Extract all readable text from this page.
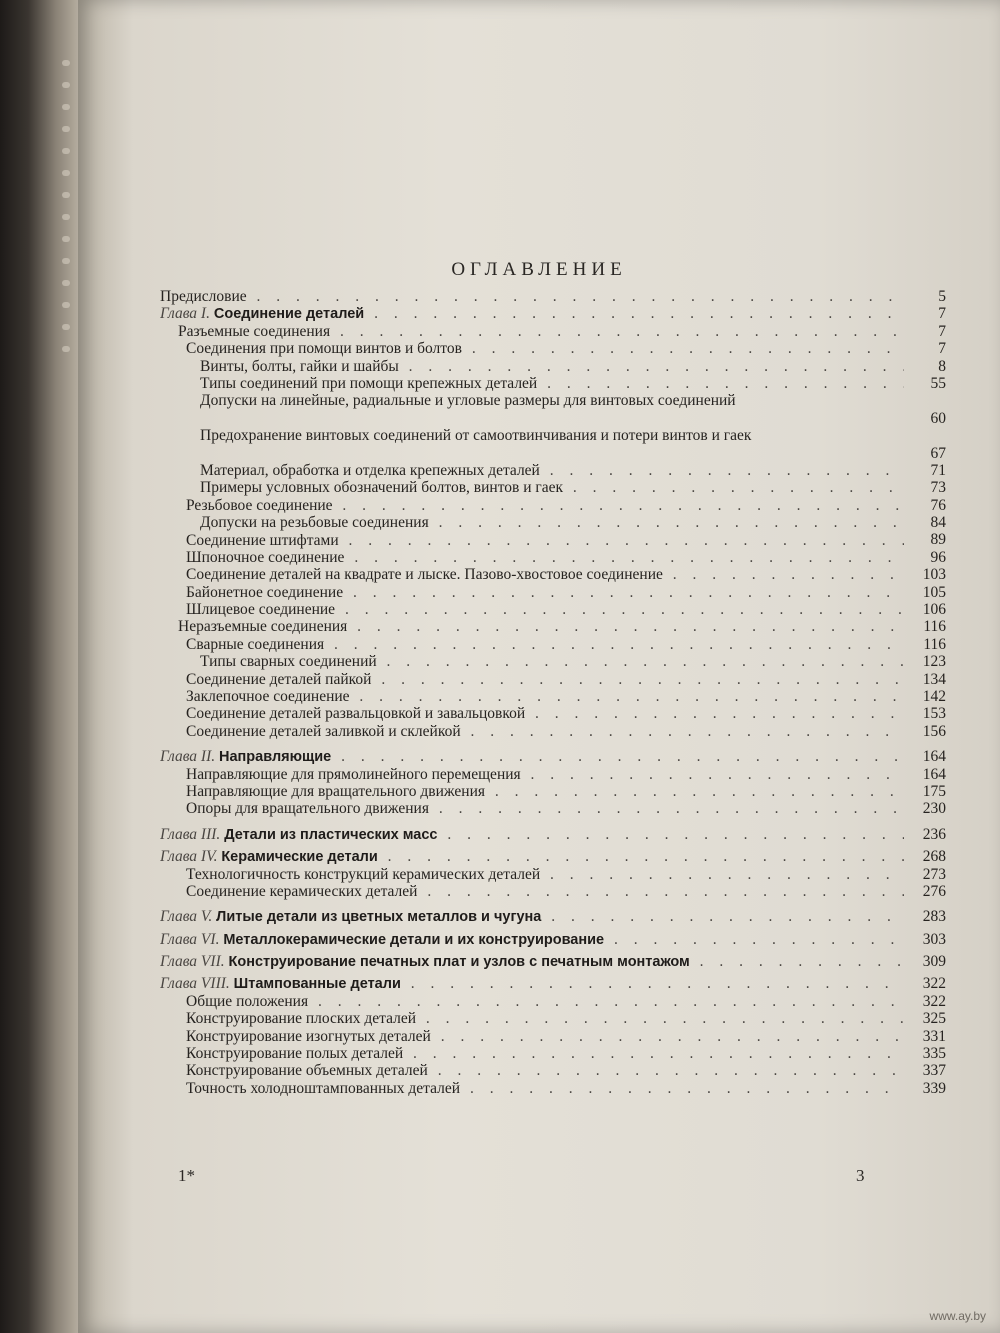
ОГЛАВЛЕНИЕ
Предисловие . . .	5
Глава I. Соединение деталей . . .	7
Разъемные соединения . . .	7
Соединения при помощи винтов и болтов . . .	7
Винты, болты, гайки и шайбы . . .	8
Типы соединений при помощи крепежных деталей . . .	55
Допуски на линейные, радиальные и угловые размеры для винтовых соединений
60
Предохранение винтовых соединений от самоотвинчивания и потери винтов и гаек
67
Материал, обработка и отделка крепежных деталей . . .	71
Примеры условных обозначений болтов, винтов и гаек . . .	73
Резьбовое соединение . . .	76
Допуски на резьбовые соединения . . .	84
Соединение штифтами . . .	89
Шпоночное соединение . . .	96
Соединение деталей на квадрате и лыске. Пазово-хвостовое соединение . . .	103
Байонетное соединение . . .	105
Шлицевое соединение . . .	106
Неразъемные соединения . . .	116
Сварные соединения . . .	116
Типы сварных соединений . . .	123
Соединение деталей пайкой . . .	134
Заклепочное соединение . . .	142
Соединение деталей развальцовкой и завальцовкой . . .	153
Соединение деталей заливкой и склейкой . . .	156
Глава II. Направляющие . . .	164
Направляющие для прямолинейного перемещения . . .	164
Направляющие для вращательного движения . . .	175
Опоры для вращательного движения . . .	230
Глава III. Детали из пластических масс . . .	236
Глава IV. Керамические детали . . .	268
Технологичность конструкций керамических деталей . . .	273
Соединение керамических деталей . . .	276
Глава V. Литые детали из цветных металлов и чугуна . . .	283
Глава VI. Металлокерамические детали и их конструирование . . .	303
Глава VII. Конструирование печатных плат и узлов с печатным монтажом . . .	309
Глава VIII. Штампованные детали . . .	322
Общие положения . . .	322
Конструирование плоских деталей . . .	325
Конструирование изогнутых деталей . . .	331
Конструирование полых деталей . . .	335
Конструирование объемных деталей . . .	337
Точность холодноштампованных деталей . . .	339
1*	3
www.ay.by
